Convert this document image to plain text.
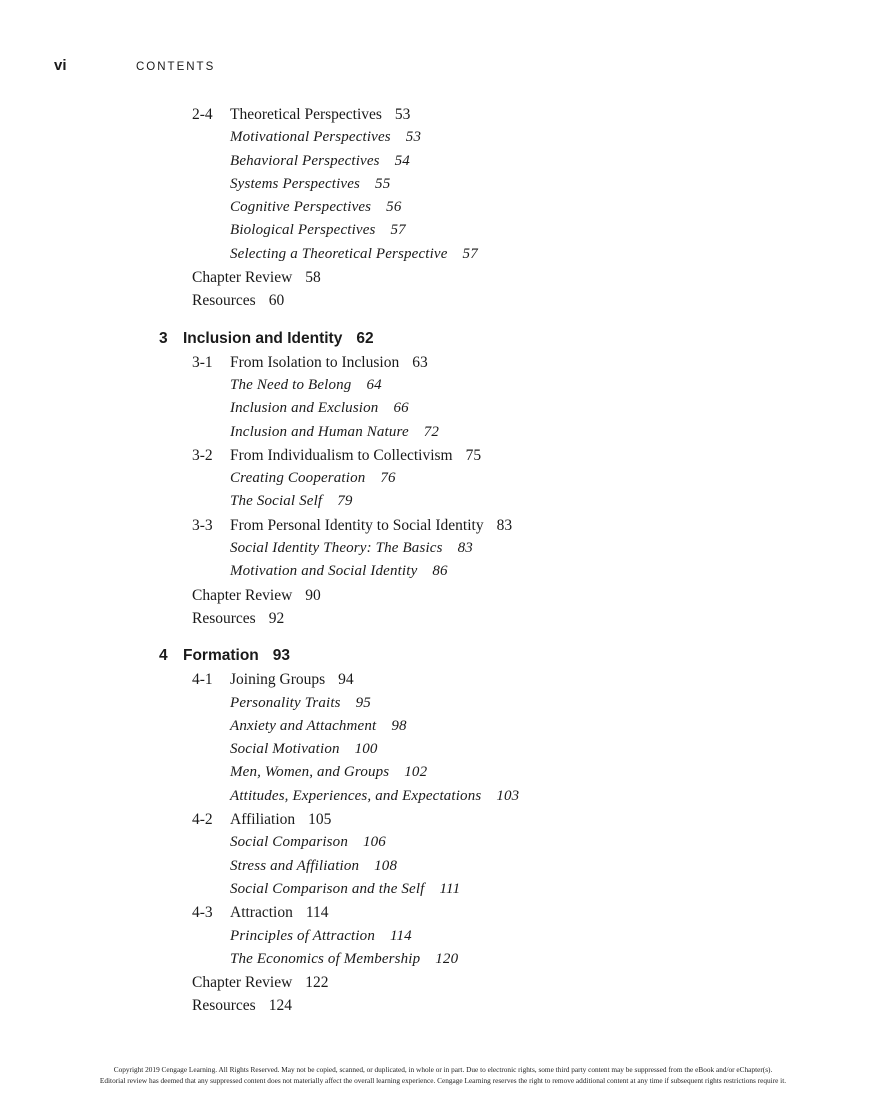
vi	CONTENTS
2-4 Theoretical Perspectives 53
Motivational Perspectives 53
Behavioral Perspectives 54
Systems Perspectives 55
Cognitive Perspectives 56
Biological Perspectives 57
Selecting a Theoretical Perspective 57
Chapter Review 58
Resources 60
3 Inclusion and Identity 62
3-1 From Isolation to Inclusion 63
The Need to Belong 64
Inclusion and Exclusion 66
Inclusion and Human Nature 72
3-2 From Individualism to Collectivism 75
Creating Cooperation 76
The Social Self 79
3-3 From Personal Identity to Social Identity 83
Social Identity Theory: The Basics 83
Motivation and Social Identity 86
Chapter Review 90
Resources 92
4 Formation 93
4-1 Joining Groups 94
Personality Traits 95
Anxiety and Attachment 98
Social Motivation 100
Men, Women, and Groups 102
Attitudes, Experiences, and Expectations 103
4-2 Affiliation 105
Social Comparison 106
Stress and Affiliation 108
Social Comparison and the Self 111
4-3 Attraction 114
Principles of Attraction 114
The Economics of Membership 120
Chapter Review 122
Resources 124
Copyright 2019 Cengage Learning. All Rights Reserved. May not be copied, scanned, or duplicated, in whole or in part. Due to electronic rights, some third party content may be suppressed from the eBook and/or eChapter(s).
Editorial review has deemed that any suppressed content does not materially affect the overall learning experience. Cengage Learning reserves the right to remove additional content at any time if subsequent rights restrictions require it.
